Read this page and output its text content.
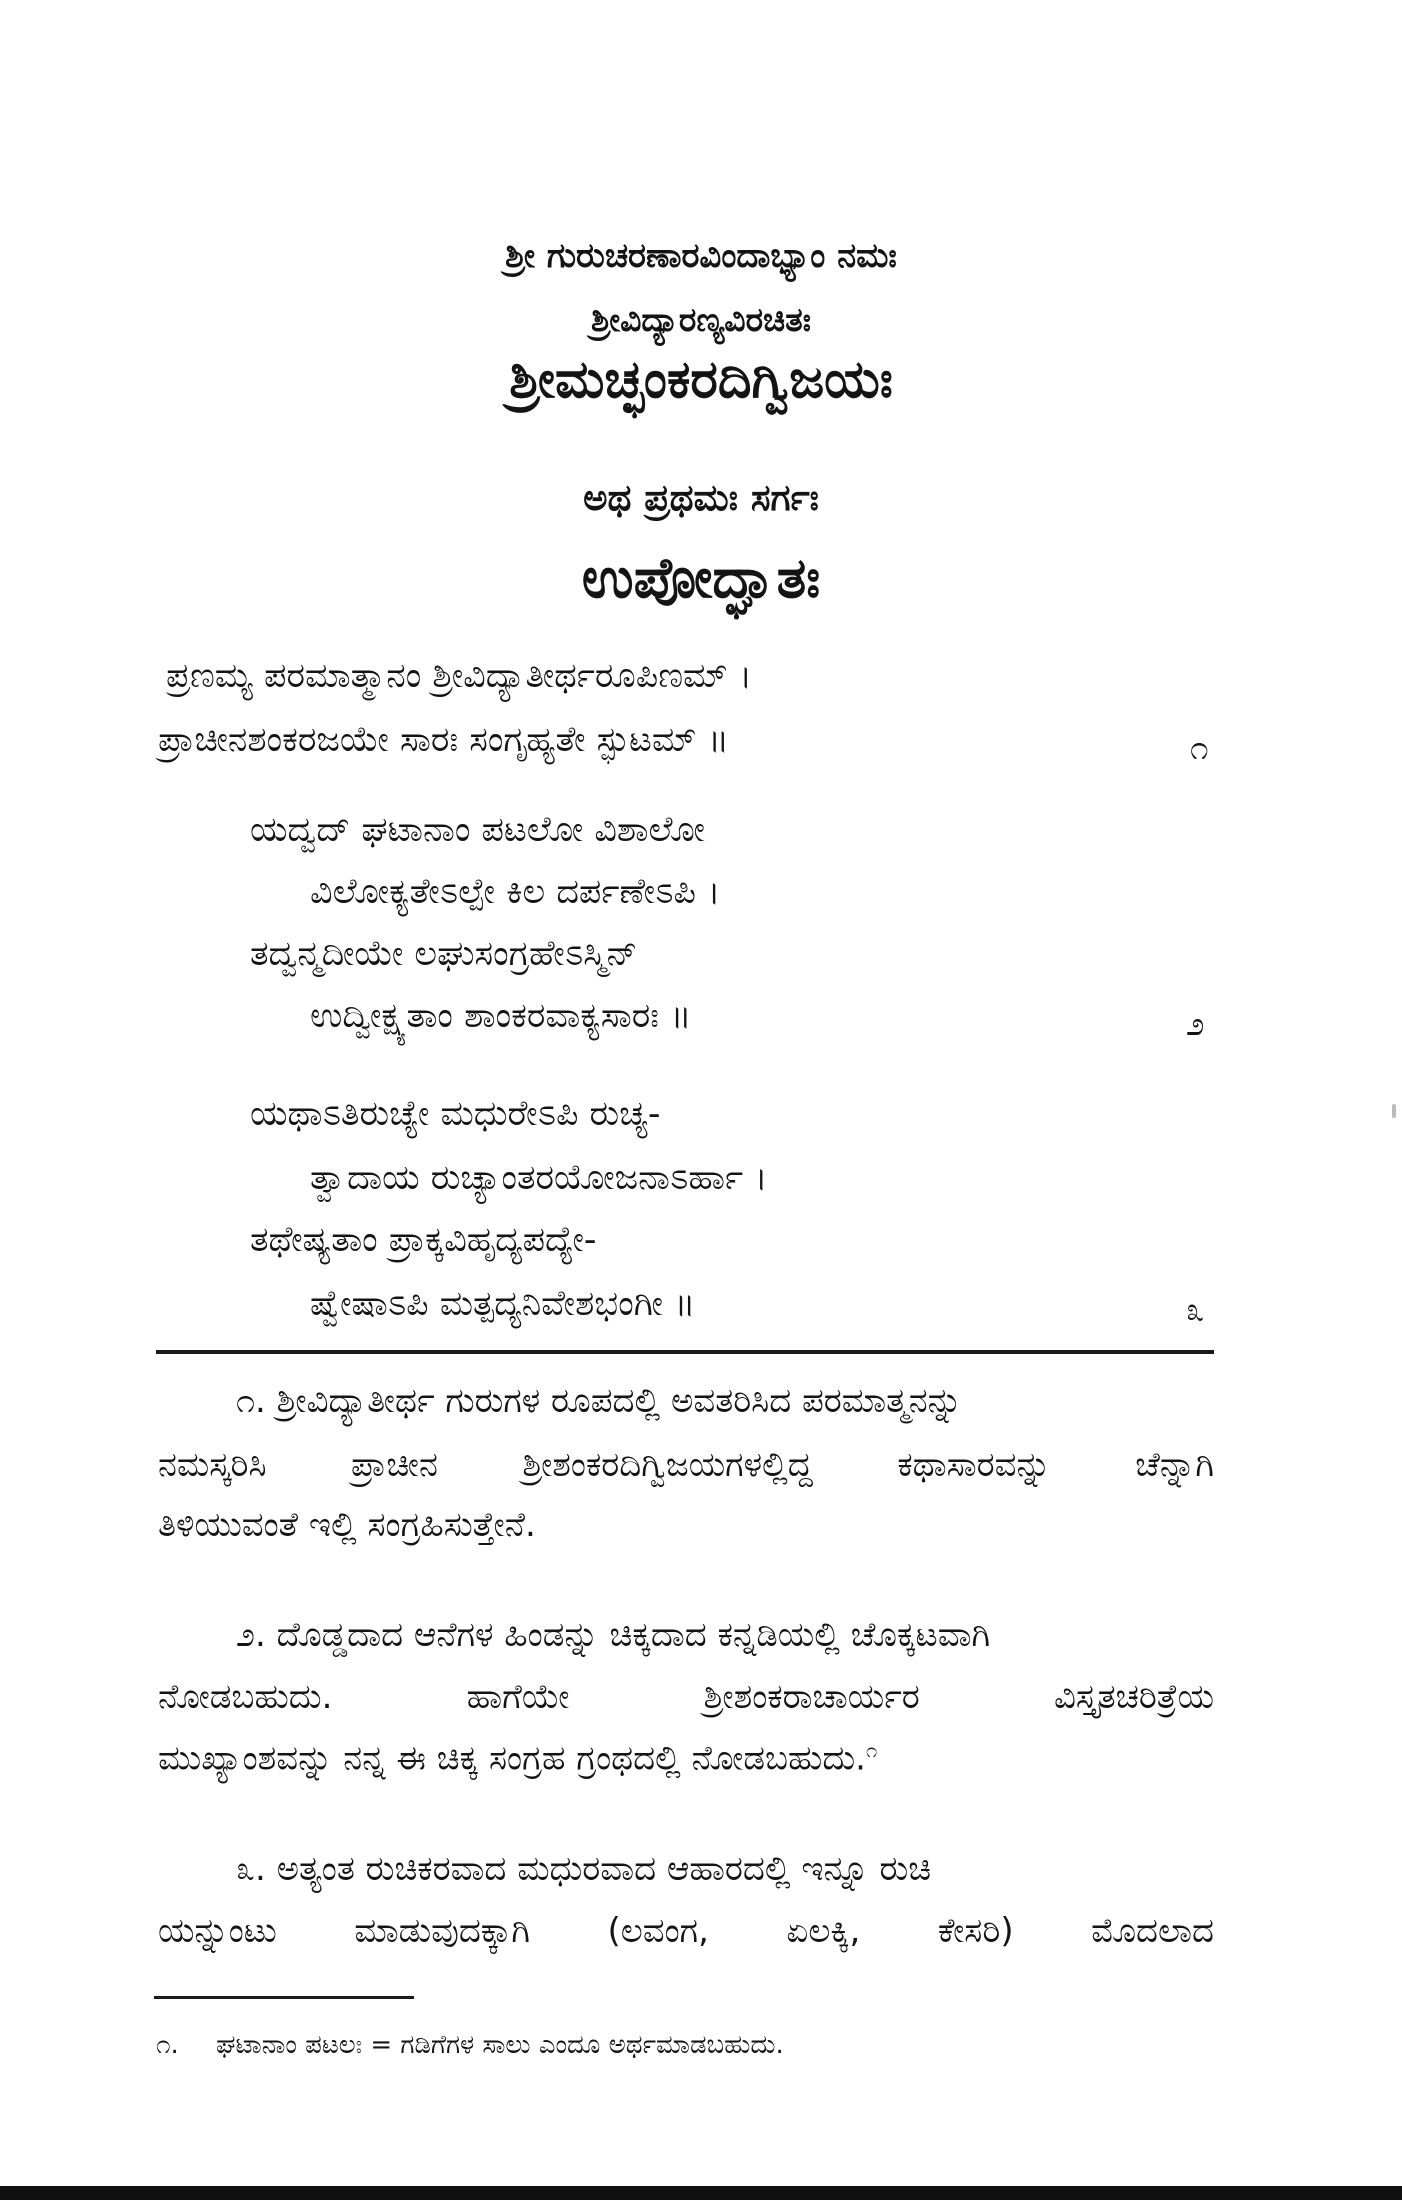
ಶ್ರೀ ಗುರುಚರಣಾರವಿಂದಾಭ್ಯಾಂ ನಮಃ
ಶ್ರೀವಿದ್ಯಾರಣ್ಯವಿರಚಿತಃ
ಶ್ರೀಮಚ್ಛಂಕರದಿಗ್ವಿಜಯಃ
ಅಥ ಪ್ರಥಮಃ ಸರ್ಗಃ
ಉಪೋದ್ಘಾತಃ
ಪ್ರಣಮ್ಯ ಪರಮಾತ್ಮಾನಂ ಶ್ರೀವಿದ್ಯಾತೀರ್ಥರೂಪಿಣಮ್ ।
ಪ್ರಾಚೀನಶಂಕರಜಯೇ ಸಾರಃ ಸಂಗೃಹ್ಯತೇ ಸ್ಫುಟಮ್ ॥	೧
ಯದ್ವದ್ ಘಟಾನಾಂ ಪಟಲೋ ವಿಶಾಲೋ
ವಿಲೋಕ್ಯತೇಽಲ್ಪೇ ಕಿಲ ದರ್ಪಣೇಽಪಿ ।
ತದ್ವನ್ಮದೀಯೇ ಲಘುಸಂಗ್ರಹೇಽಸ್ಮಿನ್
ಉದ್ವೀಕ್ಷ್ಯತಾಂ ಶಾಂಕರವಾಕ್ಯಸಾರಃ ॥	೨
ಯಥಾಽತಿರುಚ್ಯೇ ಮಧುರೇಽಪಿ ರುಚ್ಯ-
ತ್ವಾದಾಯ ರುಚ್ಯಾಂತರಯೋಜನಾಽರ್ಹಾ ।
ತಥೇಷ್ಯತಾಂ ಪ್ರಾಕ್ಕವಿಹೃದ್ಯಪದ್ಯೇ-
ಷ್ವೇಷಾಽಪಿ ಮತ್ಪದ್ಯನಿವೇಶಭಂಗೀ ॥	೩
೧. ಶ್ರೀವಿದ್ಯಾತೀರ್ಥ ಗುರುಗಳ ರೂಪದಲ್ಲಿ ಅವತರಿಸಿದ ಪರಮಾತ್ಮನನ್ನು
ನಮಸ್ಕರಿಸಿ ಪ್ರಾಚೀನ ಶ್ರೀಶಂಕರದಿಗ್ವಿಜಯಗಳಲ್ಲಿದ್ದ ಕಥಾಸಾರವನ್ನು ಚೆನ್ನಾಗಿ
ತಿಳಿಯುವಂತೆ ಇಲ್ಲಿ ಸಂಗ್ರಹಿಸುತ್ತೇನೆ.
೨. ದೊಡ್ಡದಾದ ಆನೆಗಳ ಹಿಂಡನ್ನು ಚಿಕ್ಕದಾದ ಕನ್ನಡಿಯಲ್ಲಿ ಚೊಕ್ಕಟವಾಗಿ
ನೋಡಬಹುದು.	ಹಾಗೆಯೇ	ಶ್ರೀಶಂಕರಾಚಾರ್ಯರ	ವಿಸ್ತೃತಚರಿತ್ರೆಯ
ಮುಖ್ಯಾಂಶವನ್ನು ನನ್ನ ಈ ಚಿಕ್ಕ ಸಂಗ್ರಹ ಗ್ರಂಥದಲ್ಲಿ ನೋಡಬಹುದು.$^೧$
೩. ಅತ್ಯಂತ ರುಚಿಕರವಾದ ಮಧುರವಾದ ಆಹಾರದಲ್ಲಿ ಇನ್ನೂ ರುಚಿ
ಯನ್ನುಂಟು ಮಾಡುವುದಕ್ಕಾಗಿ (ಲವಂಗ, ಏಲಕ್ಕಿ, ಕೇಸರಿ) ಮೊದಲಾದ
೧. ಘಟಾನಾಂ ಪಟಲಃ = ಗಡಿಗೆಗಳ ಸಾಲು ಎಂದೂ ಅರ್ಥಮಾಡಬಹುದು.
